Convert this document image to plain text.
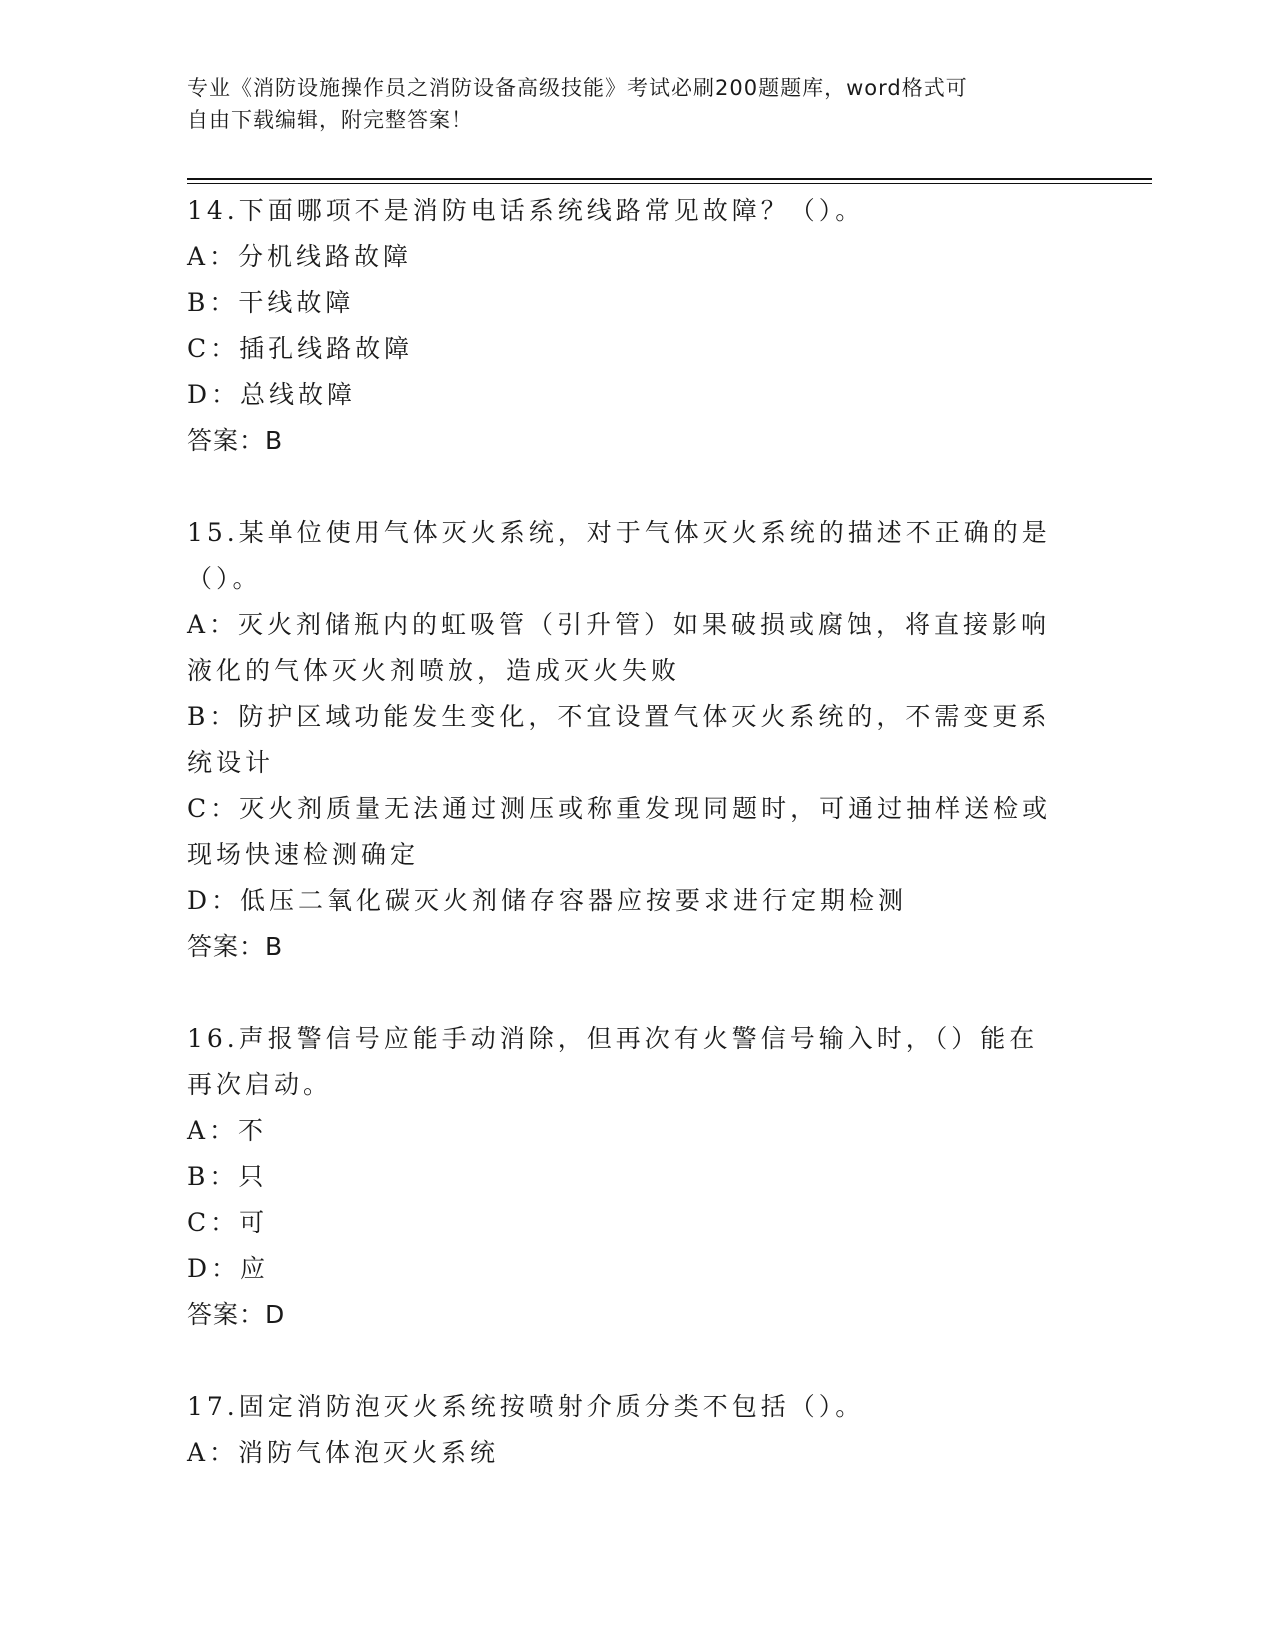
专业《消防设施操作员之消防设备高级技能》考试必刷200题题库，word格式可
自由下载编辑，附完整答案！

14.下面哪项不是消防电话系统线路常见故障？（）。

A：分机线路故障

B：干线故障

C：插孔线路故障

D：总线故障

答案：B

15.某单位使用气体灭火系统，对于气体灭火系统的描述不正确的是（）。

A：灭火剂储瓶内的虹吸管（引升管）如果破损或腐蚀，将直接影响液化的气体灭火剂喷放，造成灭火失败

B：防护区域功能发生变化，不宜设置气体灭火系统的，不需变更系统设计

C：灭火剂质量无法通过测压或称重发现同题时，可通过抽样送检或现场快速检测确定

D：低压二氧化碳灭火剂储存容器应按要求进行定期检测

答案：B

16.声报警信号应能手动消除，但再次有火警信号输入时，（）能在再次启动。

A：不

B：只

C：可

D：应

答案：D

17.固定消防泡灭火系统按喷射介质分类不包括（）。

A：消防气体泡灭火系统
